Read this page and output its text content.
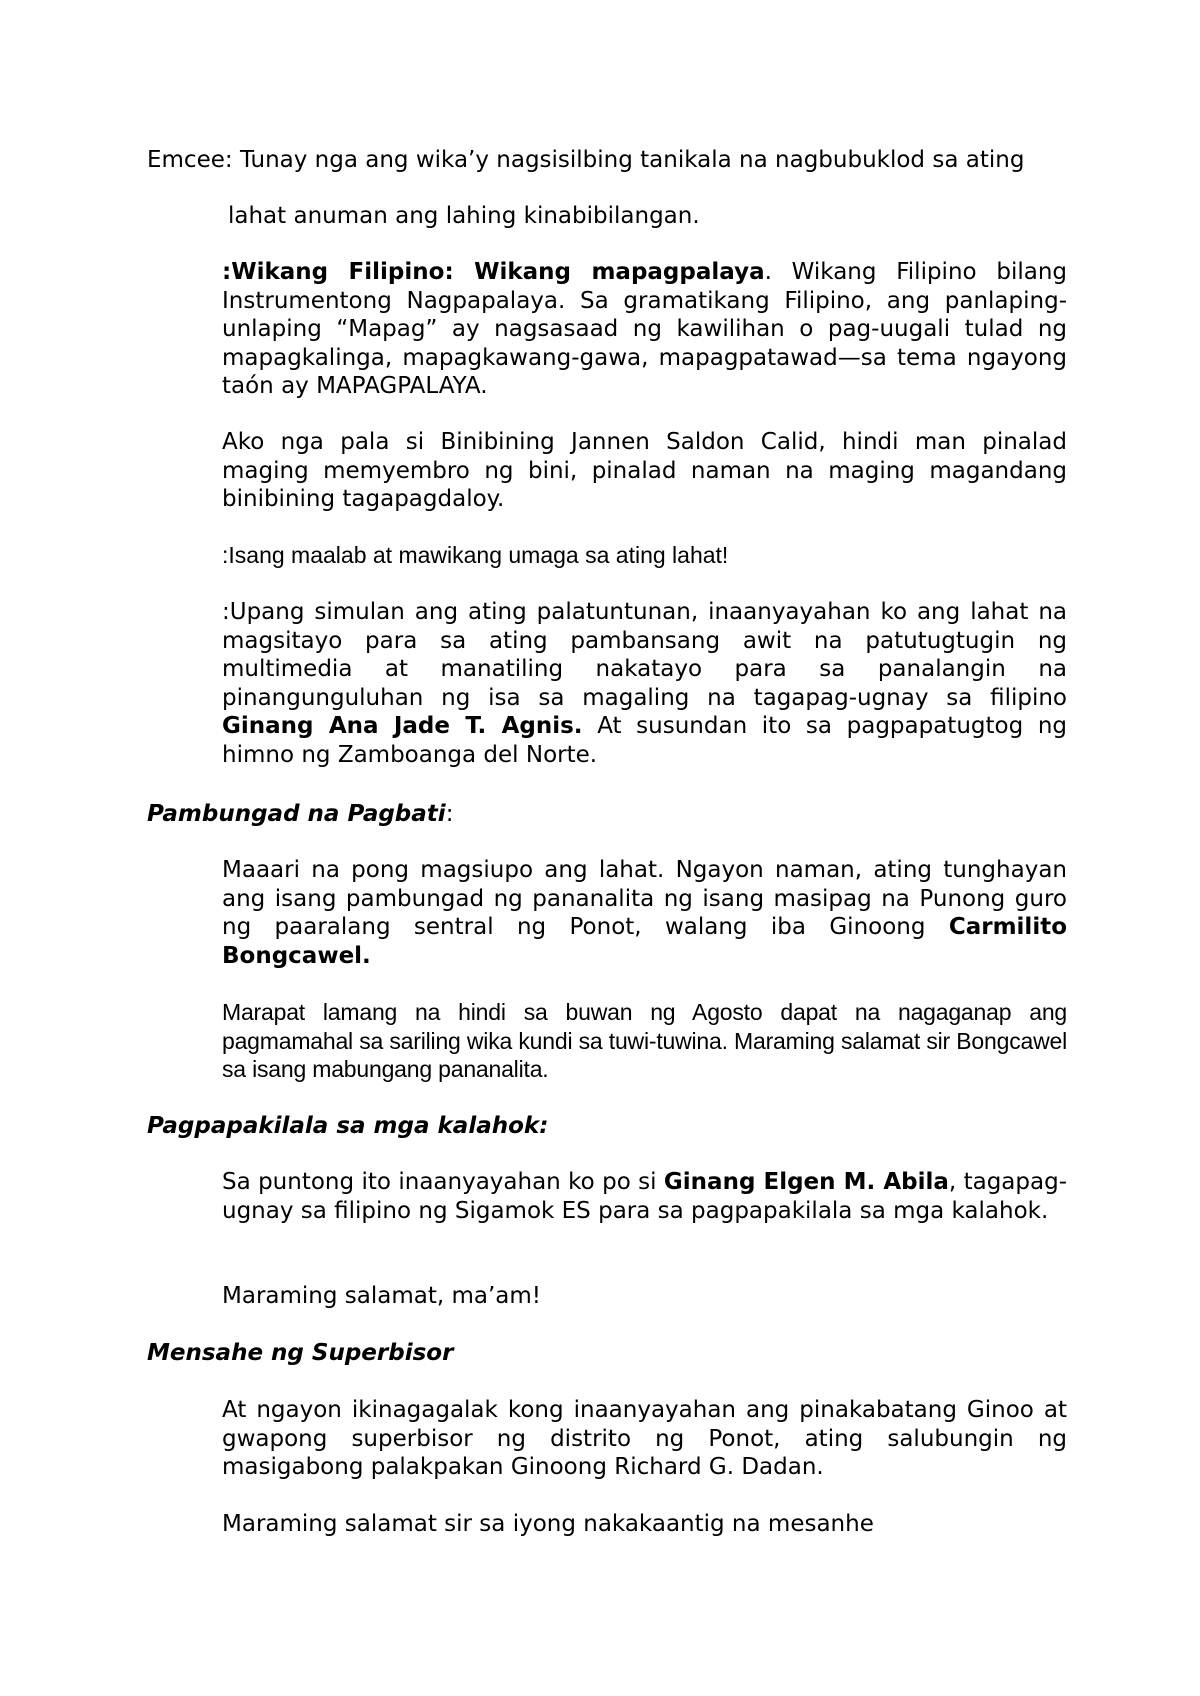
Emcee: Tunay nga ang wika’y nagsisilbing tanikala na nagbubuklod sa ating

lahat anuman ang lahing kinabibilangan.

:Wikang Filipino: Wikang mapagpalaya. Wikang Filipino bilang Instrumentong Nagpapalaya. Sa gramatikang Filipino, ang panlaping-unlaping “Mapag” ay nagsasaad ng kawilihan o pag-uugali tulad ng mapagkalinga, mapagkawang-gawa, mapagpatawad—sa tema ngayong taón ay MAPAGPALAYA.

Ako nga pala si Binibining Jannen Saldon Calid, hindi man pinalad maging memyembro ng bini, pinalad naman na maging magandang binibining tagapagdaloy.

:Isang maalab at mawikang umaga sa ating lahat!

:Upang simulan ang ating palatuntunan, inaanyayahan ko ang lahat na magsitayo para sa ating pambansang awit na patutugtugin ng multimedia at manatiling nakatayo para sa panalangin na pinangunguluhan ng isa sa magaling na tagapag-ugnay sa filipino Ginang Ana Jade T. Agnis. At susundan ito sa pagpapatugtog ng himno ng Zamboanga del Norte.

Pambungad na Pagbati:

Maaari na pong magsiupo ang lahat. Ngayon naman, ating tunghayan ang isang pambungad ng pananalita ng isang masipag na Punong guro ng paaralang sentral ng Ponot, walang iba Ginoong Carmilito Bongcawel.

Marapat lamang na hindi sa buwan ng Agosto dapat na nagaganap ang pagmamahal sa sariling wika kundi sa tuwi-tuwina. Maraming salamat sir Bongcawel sa isang mabungang pananalita.

Pagpapakilala sa mga kalahok:

Sa puntong ito inaanyayahan ko po si Ginang Elgen M. Abila, tagapag-ugnay sa filipino ng Sigamok ES para sa pagpapakilala sa mga kalahok.

Maraming salamat, ma’am!

Mensahe ng Superbisor

At ngayon ikinagagalak kong inaanyayahan ang pinakabatang Ginoo at gwapong superbisor ng distrito ng Ponot, ating salubungin ng masigabong palakpakan Ginoong Richard G. Dadan.

Maraming salamat sir sa iyong nakakaantig na mesanhe
